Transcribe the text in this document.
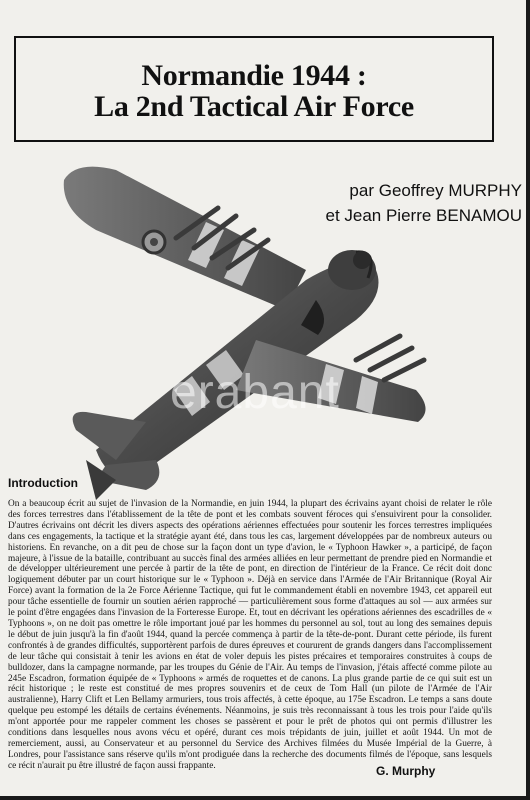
Normandie 1944 :
La 2nd Tactical Air Force
erabant
par Geoffrey MURPHY
et Jean Pierre BENAMOU
Introduction

On a beaucoup écrit au sujet de l'invasion de la Normandie, en juin 1944, la plupart des écrivains ayant choisi de relater le rôle des forces terrestres dans l'établissement de la tête de pont et les combats souvent féroces qui s'ensuivirent pour la consolider. D'autres écrivains ont décrit les divers aspects des opérations aériennes effectuées pour soutenir les forces terrestres impliquées dans ces engagements, la tactique et la stratégie ayant été, dans tous les cas, largement développées par de nombreux auteurs ou historiens. En revanche, on a dit peu de chose sur la façon dont un type d'avion, le « Typhoon Hawker », a participé, de façon majeure, à l'issue de la bataille, contribuant au succès final des armées alliées en leur permettant de prendre pied en Normandie et de développer ultérieurement une percée à partir de la tête de pont, en direction de l'intérieur de la France. Ce récit doit donc logiquement débuter par un court historique sur le « Typhoon ». Déjà en service dans l'Armée de l'Air Britannique (Royal Air Force) avant la formation de la 2e Force Aérienne Tactique, qui fut le commandement établi en novembre 1943, cet appareil eut pour tâche essentielle de fournir un soutien aérien rapproché — particulièrement sous forme d'attaques au sol — aux armées sur le point d'être engagées dans l'invasion de la Forteresse Europe. Et, tout en décrivant les opérations aériennes des escadrilles de « Typhoons », on ne doit pas omettre le rôle important joué par les hommes du personnel au sol, tout au long des semaines depuis le début de juin jusqu'à la fin d'août 1944, quand la percée commença à partir de la tête-de-pont. Durant cette période, ils furent confrontés à de grandes difficultés, supportèrent parfois de dures épreuves et coururent de grands dangers dans l'accomplissement de leur tâche qui consistait à tenir les avions en état de voler depuis les pistes précaires et temporaires construites à coups de bulldozer, dans la campagne normande, par les troupes du Génie de l'Air. Au temps de l'invasion, j'étais affecté comme pilote au 245e Escadron, formation équipée de « Typhoons » armés de roquettes et de canons. La plus grande partie de ce qui suit est un récit historique ; le reste est constitué de mes propres souvenirs et de ceux de Tom Hall (un pilote de l'Armée de l'Air australienne), Harry Clift et Len Bellamy armuriers, tous trois affectés, à cette époque, au 175e Escadron. Le temps a sans doute quelque peu estompé les détails de certains événements. Néanmoins, je suis très reconnaissant à tous les trois pour l'aide qu'ils m'ont apportée pour me rappeler comment les choses se passèrent et pour le prêt de photos qui ont permis d'illustrer les conditions dans lesquelles nous avons vécu et opéré, durant ces mois trépidants de juin, juillet et août 1944. Un mot de remerciement, aussi, au Conservateur et au personnel du Service des Archives filmées du Musée Impérial de la Guerre, à Londres, pour l'assistance sans réserve qu'ils m'ont prodiguée dans la recherche des documents filmés de l'époque, sans lesquels ce récit n'aurait pu être illustré de façon aussi frappante.	G. Murphy
